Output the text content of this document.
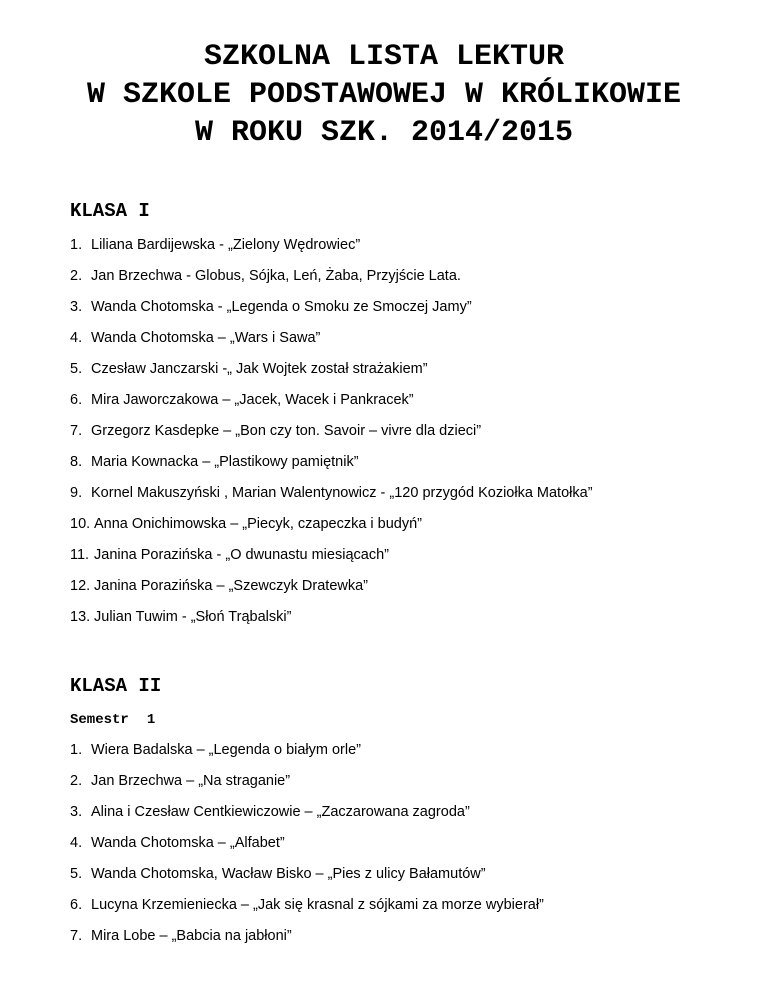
SZKOLNA LISTA LEKTUR
W SZKOLE PODSTAWOWEJ W KRÓLIKOWIE
W ROKU SZK. 2014/2015
KLASA I
1. Liliana Bardijewska - „Zielony Wędrowiec”
2. Jan Brzechwa - Globus, Sójka, Leń, Żaba, Przyjście Lata.
3. Wanda Chotomska - „Legenda o Smoku ze Smoczej Jamy”
4. Wanda Chotomska – „Wars i Sawa”
5. Czesław Janczarski -„ Jak Wojtek został strażakiem”
6. Mira Jaworczakowa – „Jacek, Wacek i Pankracek”
7. Grzegorz Kasdepke – „Bon czy ton. Savoir – vivre dla dzieci”
8. Maria Kownacka – „Plastikowy pamiętnik”
9. Kornel Makuszyński , Marian Walentynowicz - „120 przygód Koziołka Matołka”
10. Anna Onichimowska – „Piecyk, czapeczka i budyń”
11. Janina Porazińska - „O dwunastu miesiącach”
12. Janina Porazińska – „Szewczyk Dratewka”
13. Julian Tuwim - „Słoń Trąbalski”
KLASA II
Semestr 1
1. Wiera Badalska – „Legenda o białym orle”
2. Jan Brzechwa – „Na straganie”
3. Alina i Czesław Centkiewiczowie – „Zaczarowana zagroda”
4. Wanda Chotomska – „Alfabet”
5. Wanda Chotomska, Wacław Bisko – „Pies z ulicy Bałamutów”
6. Lucyna Krzemieniecka – „Jak się krasnal z sójkami za morze wybierał”
7. Mira Lobe – „Babcia na jabłoni”
